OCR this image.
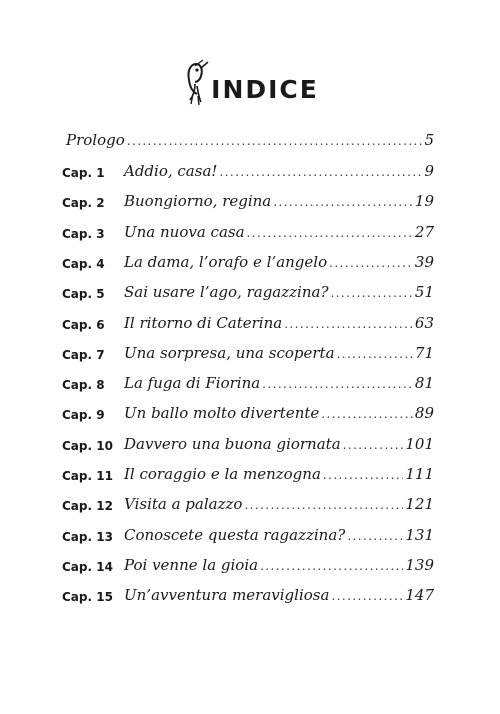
INDICE
Prologo .....	5
Cap. 1 Addio, casa! .....	9
Cap. 2 Buongiorno, regina .....	19
Cap. 3 Una nuova casa .....	27
Cap. 4 La dama, l’orafo e l’angelo .....	39
Cap. 5 Sai usare l’ago, ragazzina? .....	51
Cap. 6 Il ritorno di Caterina .....	63
Cap. 7 Una sorpresa, una scoperta .....	71
Cap. 8 La fuga di Fiorina .....	81
Cap. 9 Un ballo molto divertente .....	89
Cap. 10 Davvero una buona giornata .....	101
Cap. 11 Il coraggio e la menzogna .....	111
Cap. 12 Visita a palazzo .....	121
Cap. 13 Conoscete questa ragazzina? .....	131
Cap. 14 Poi venne la gioia .....	139
Cap. 15 Un’avventura meravigliosa .....	147
